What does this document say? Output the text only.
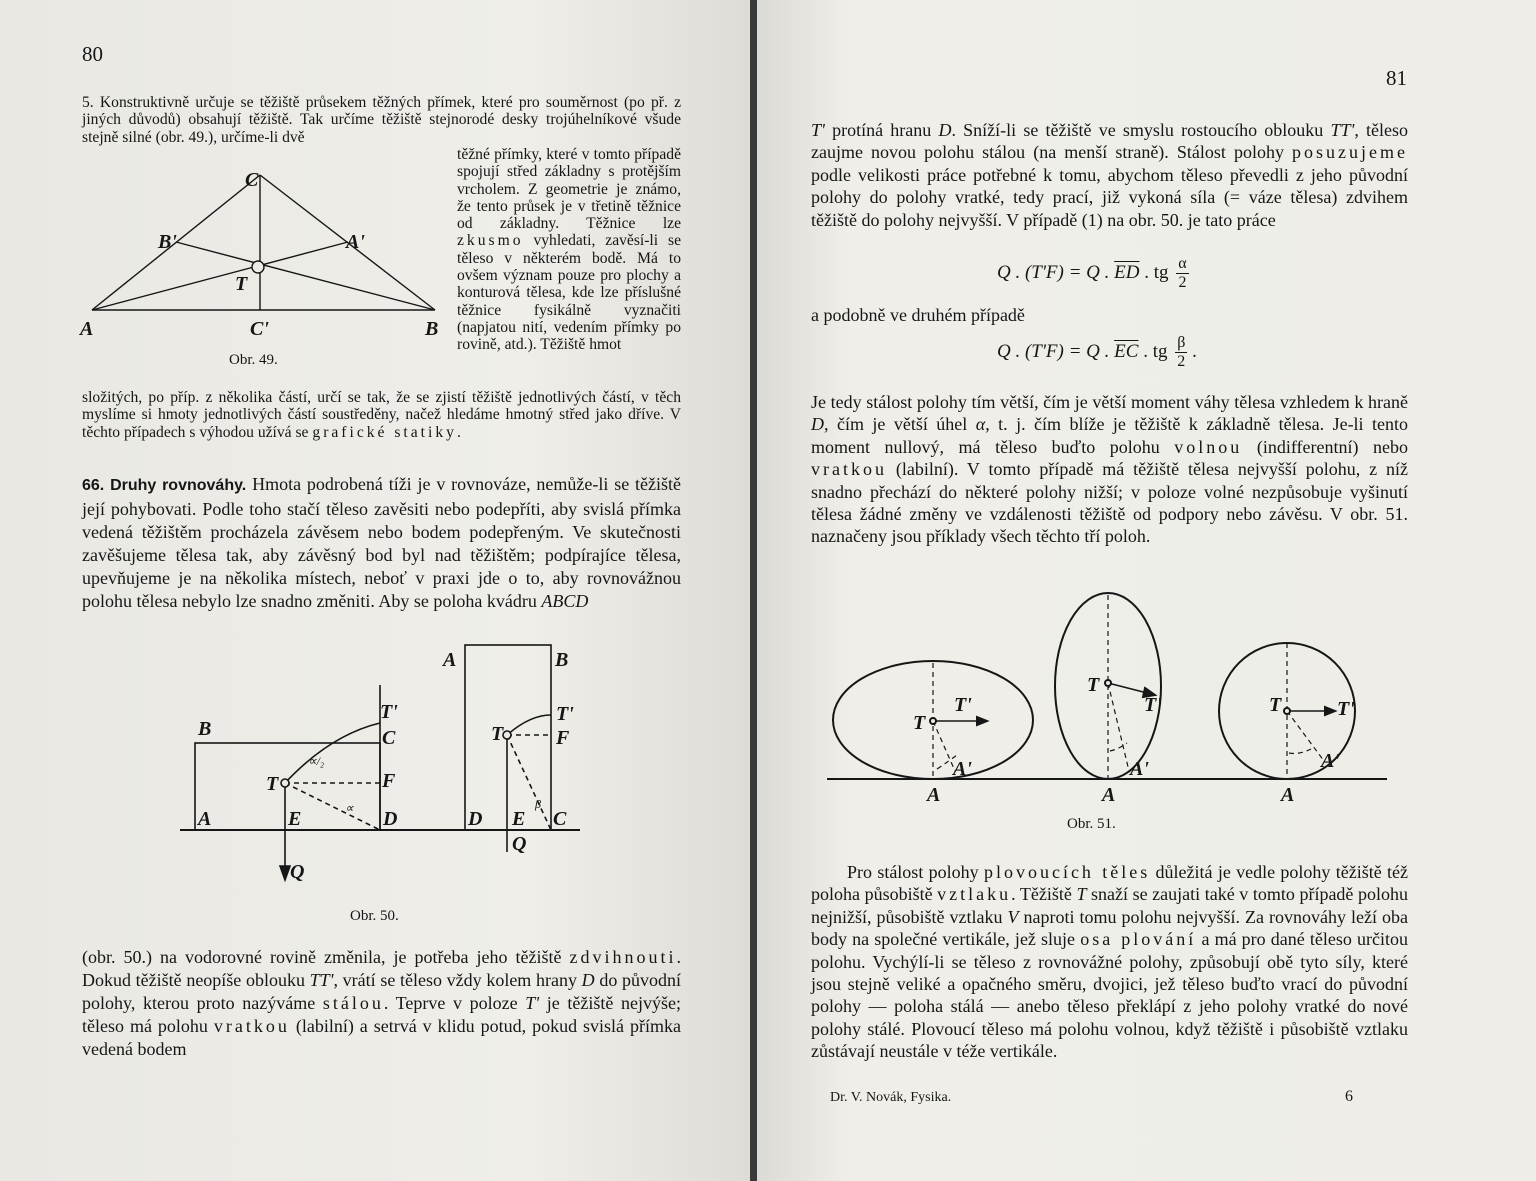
80

5. Konstruktivně určuje se těžiště průsekem těžných přímek, které pro souměrnost (po př. z jiných důvodů) obsahují těžiště. Tak určíme těžiště stejnorodé desky trojúhelníkové všude stejně silné (obr. 49.), určíme-li dvě

těžné přímky, které v tomto případě spojují střed základny s protějším vrcholem. Z geometrie je známo, že tento průsek je v třetině těžnice od základny. Těžnice lze zkusmo vyhledati, zavěsí-li se těleso v některém bodě. Má to ovšem význam pouze pro plochy a konturová tělesa, kde lze příslušné těžnice fysikálně vyznačiti (napjatou nití, vedením přímky po rovině, atd.). Těžiště hmot

C
B'	A'
T
A	C'	B
Obr. 49.

složitých, po příp. z několika částí, určí se tak, že se zjistí těžiště jednotlivých částí, v těch myslíme si hmoty jednotlivých částí soustředěny, načež hledáme hmotný střed jako dříve. V těchto případech s výhodou užívá se grafické statiky.

66. Druhy rovnováhy. Hmota podrobená tíži je v rovnováze, nemůže-li se těžiště její pohybovati. Podle toho stačí těleso zavěsiti nebo podepříti, aby svislá přímka vedená těžištěm procházela závěsem nebo bodem podepřeným. Ve skutečnosti zavěšujeme tělesa tak, aby závěsný bod byl nad těžištěm; podpírajíce tělesa, upevňujeme je na několika místech, neboť v praxi jde o to, aby rovnovážnou polohu tělesa nebylo lze snadno změniti. Aby se poloha kvádru ABCD

B
T'
C
T
∝/₂
F
∝
A	E	D
Q
A	B
T'
T	F
β
D E C
Q
Obr. 50.

(obr. 50.) na vodorovné rovině změnila, je potřeba jeho těžiště zdvihnouti. Dokud těžiště neopíše oblouku TT', vrátí se těleso vždy kolem hrany D do původní polohy, kterou proto nazýváme stálou. Teprve v poloze T' je těžiště nejvýše; těleso má polohu vratkou (labilní) a setrvá v klidu potud, pokud svislá přímka vedená bodem

81

T' protíná hranu D. Sníží-li se těžiště ve smyslu rostoucího oblouku TT', těleso zaujme novou polohu stálou (na menší straně). Stálost polohy posuzujeme podle velikosti práce potřebné k tomu, abychom těleso převedli z jeho původní polohy do polohy vratké, tedy prací, již vykoná síla (= váze tělesa) zdvihem těžiště do polohy nejvyšší. V případě (1) na obr. 50. je tato práce

Q . (T'F) = Q . $\overline{ED}$ . tg $\frac{\alpha}{2}$

a podobně ve druhém případě

Q . (T'F) = Q . $\overline{EC}$ . tg $\frac{\beta}{2}$ .

Je tedy stálost polohy tím větší, čím je větší moment váhy tělesa vzhledem k hraně D, čím je větší úhel α, t. j. čím blíže je těžiště k základně tělesa. Je-li tento moment nullový, má těleso buďto polohu volnou (indifferentní) nebo vratkou (labilní). V tomto případě má těžiště tělesa nejvyšší polohu, z níž snadno přechází do některé polohy nižší; v poloze volné nezpůsobuje vyšinutí tělesa žádné změny ve vzdálenosti těžiště od podpory nebo závěsu. V obr. 51. naznačeny jsou příklady všech těchto tří poloh.

T
T'
A'
A
T
T'
A'
A
T	T'
A'
A
Obr. 51.

Pro stálost polohy plovoucích těles důležitá je vedle polohy těžiště též poloha působiště vztlaku. Těžiště T snaží se zaujati také v tomto případě polohu nejnižší, působiště vztlaku V naproti tomu polohu nejvyšší. Za rovnováhy leží oba body na společné vertikále, jež sluje osa plování a má pro dané těleso určitou polohu. Vychýlí-li se těleso z rovnovážné polohy, způsobují obě tyto síly, které jsou stejně veliké a opačného směru, dvojici, jež těleso buďto vrací do původní polohy — poloha stálá — anebo těleso překlápí z jeho polohy vratké do nové polohy stálé. Plovoucí těleso má polohu volnou, když těžiště i působiště vztlaku zůstávají neustále v téže vertikále.

Dr. V. Novák, Fysika.	6
